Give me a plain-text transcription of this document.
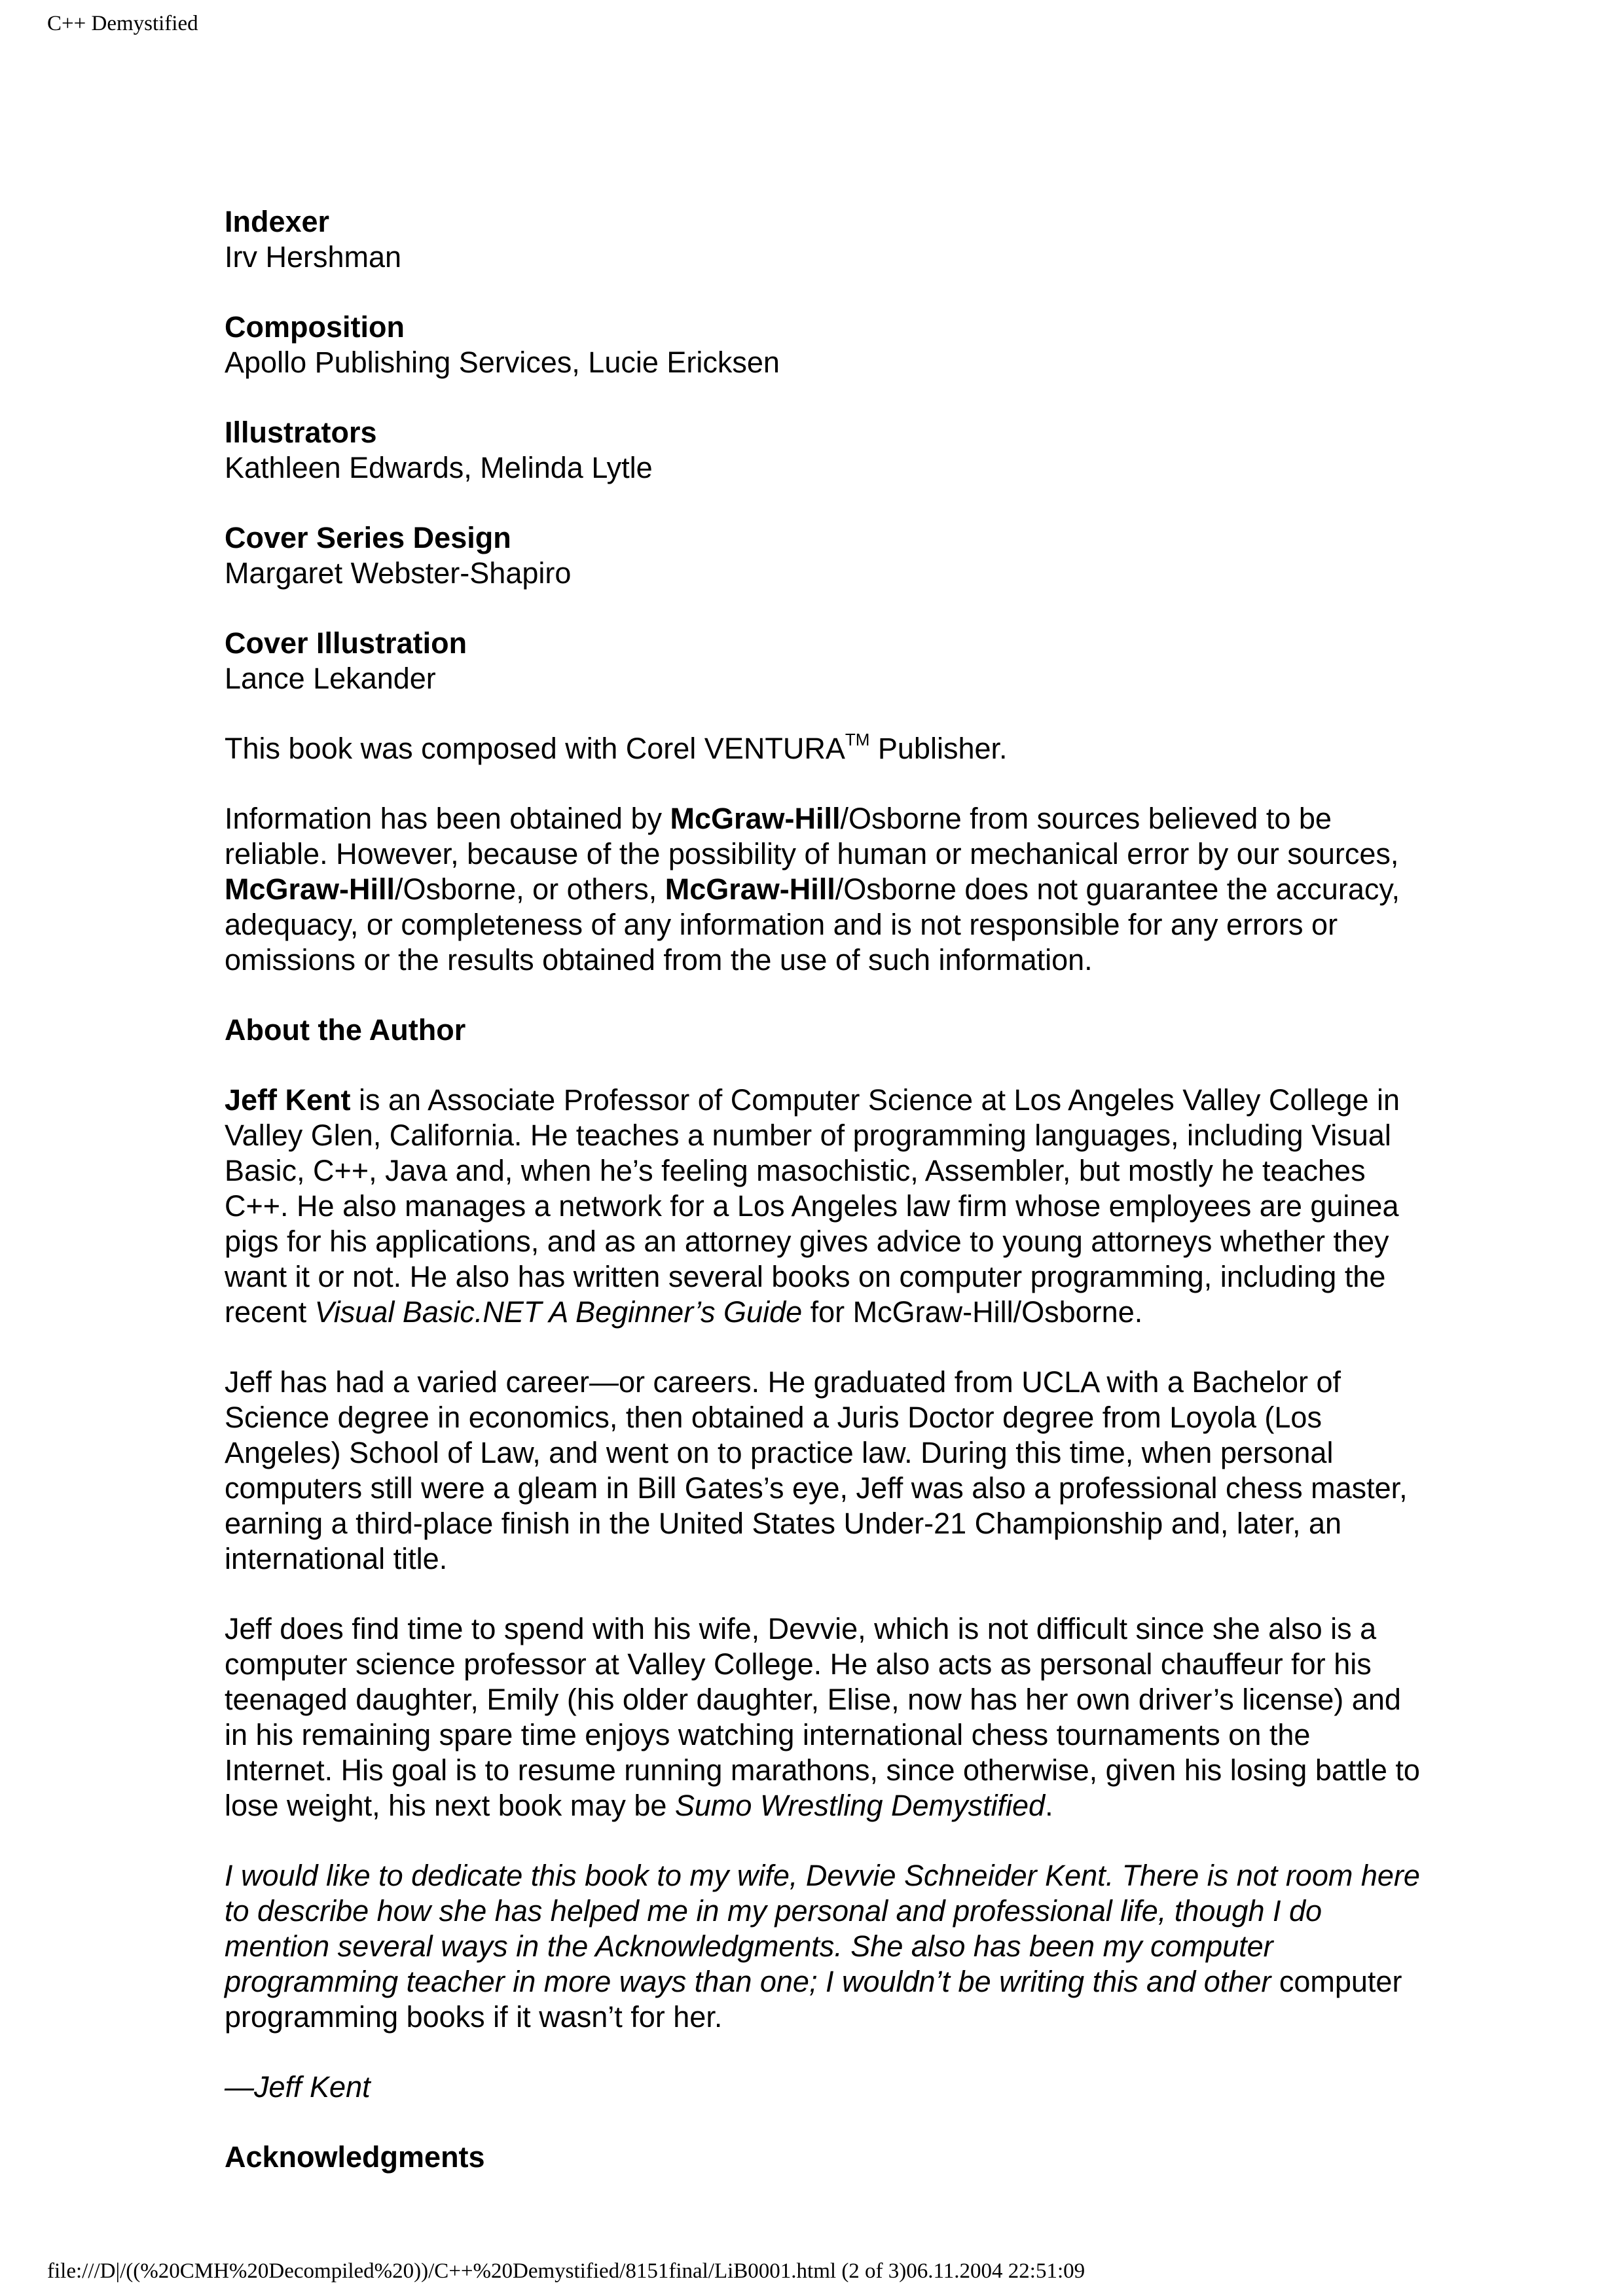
C++ Demystified
Indexer
Irv Hershman
Composition
Apollo Publishing Services, Lucie Ericksen
Illustrators
Kathleen Edwards, Melinda Lytle
Cover Series Design
Margaret Webster-Shapiro
Cover Illustration
Lance Lekander

This book was composed with Corel VENTURA™ Publisher.

Information has been obtained by McGraw-Hill/Osborne from sources believed to be reliable. However, because of the possibility of human or mechanical error by our sources, McGraw-Hill/Osborne, or others, McGraw-Hill/Osborne does not guarantee the accuracy, adequacy, or completeness of any information and is not responsible for any errors or omissions or the results obtained from the use of such information.

About the Author

Jeff Kent is an Associate Professor of Computer Science at Los Angeles Valley College in Valley Glen, California. He teaches a number of programming languages, including Visual Basic, C++, Java and, when he’s feeling masochistic, Assembler, but mostly he teaches C++. He also manages a network for a Los Angeles law firm whose employees are guinea pigs for his applications, and as an attorney gives advice to young attorneys whether they want it or not. He also has written several books on computer programming, including the recent Visual Basic.NET A Beginner’s Guide for McGraw-Hill/Osborne.

Jeff has had a varied career—or careers. He graduated from UCLA with a Bachelor of Science degree in economics, then obtained a Juris Doctor degree from Loyola (Los Angeles) School of Law, and went on to practice law. During this time, when personal computers still were a gleam in Bill Gates’s eye, Jeff was also a professional chess master, earning a third-place finish in the United States Under-21 Championship and, later, an international title.

Jeff does find time to spend with his wife, Devvie, which is not difficult since she also is a computer science professor at Valley College. He also acts as personal chauffeur for his teenaged daughter, Emily (his older daughter, Elise, now has her own driver’s license) and in his remaining spare time enjoys watching international chess tournaments on the Internet. His goal is to resume running marathons, since otherwise, given his losing battle to lose weight, his next book may be Sumo Wrestling Demystified.

I would like to dedicate this book to my wife, Devvie Schneider Kent. There is not room here to describe how she has helped me in my personal and professional life, though I do mention several ways in the Acknowledgments. She also has been my computer programming teacher in more ways than one; I wouldn’t be writing this and other computer programming books if it wasn’t for her.

—Jeff Kent

Acknowledgments

file:///D|/((%20CMH%20Decompiled%20))/C++%20Demystified/8151final/LiB0001.html (2 of 3)06.11.2004 22:51:09
